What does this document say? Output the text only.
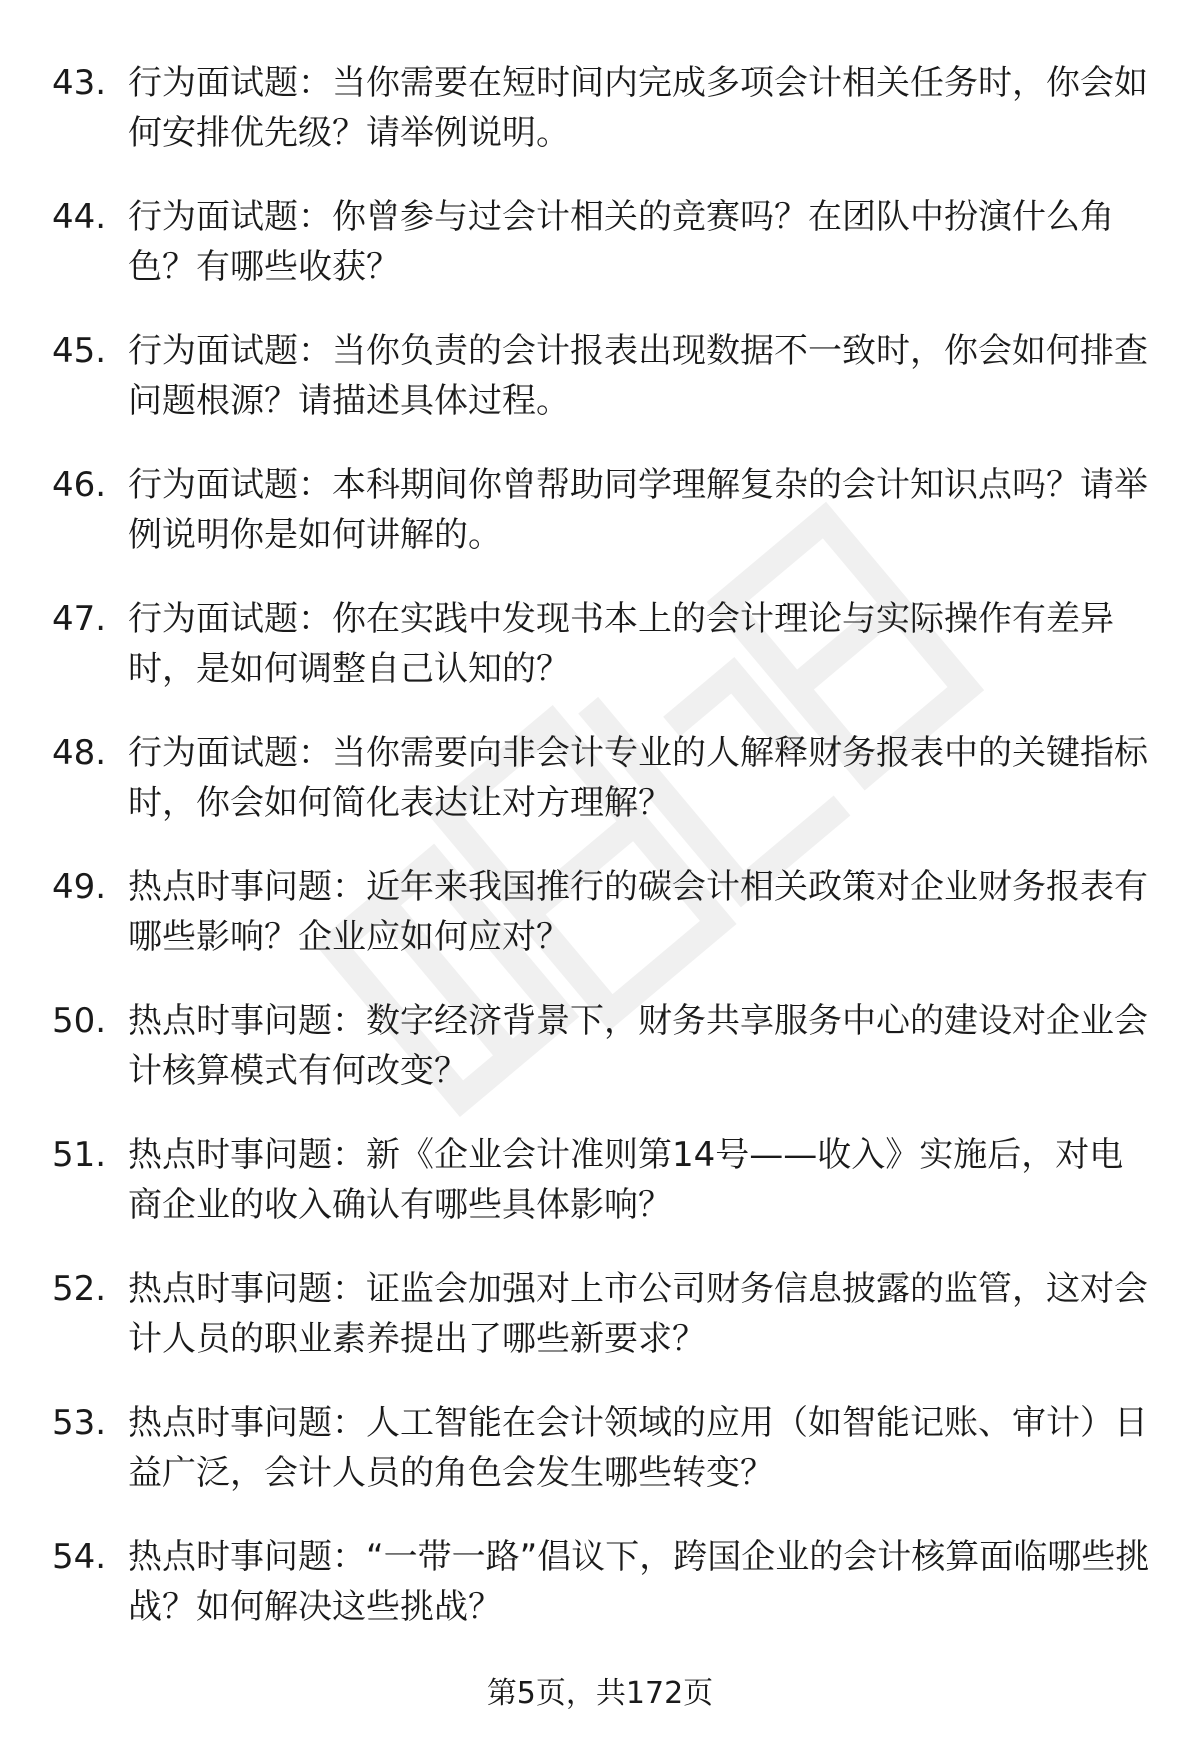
43. 行为面试题：当你需要在短时间内完成多项会计相关任务时，你会如何安排优先级？请举例说明。
44. 行为面试题：你曾参与过会计相关的竞赛吗？在团队中扮演什么角色？有哪些收获？
45. 行为面试题：当你负责的会计报表出现数据不一致时，你会如何排查问题根源？请描述具体过程。
46. 行为面试题：本科期间你曾帮助同学理解复杂的会计知识点吗？请举例说明你是如何讲解的。
47. 行为面试题：你在实践中发现书本上的会计理论与实际操作有差异时，是如何调整自己认知的？
48. 行为面试题：当你需要向非会计专业的人解释财务报表中的关键指标时，你会如何简化表达让对方理解？
49. 热点时事问题：近年来我国推行的碳会计相关政策对企业财务报表有哪些影响？企业应如何应对？
50. 热点时事问题：数字经济背景下，财务共享服务中心的建设对企业会计核算模式有何改变？
51. 热点时事问题：新《企业会计准则第14号——收入》实施后，对电商企业的收入确认有哪些具体影响？
52. 热点时事问题：证监会加强对上市公司财务信息披露的监管，这对会计人员的职业素养提出了哪些新要求？
53. 热点时事问题：人工智能在会计领域的应用（如智能记账、审计）日益广泛，会计人员的角色会发生哪些转变？
54. 热点时事问题：“一带一路”倡议下，跨国企业的会计核算面临哪些挑战？如何解决这些挑战？
第5页，共172页
